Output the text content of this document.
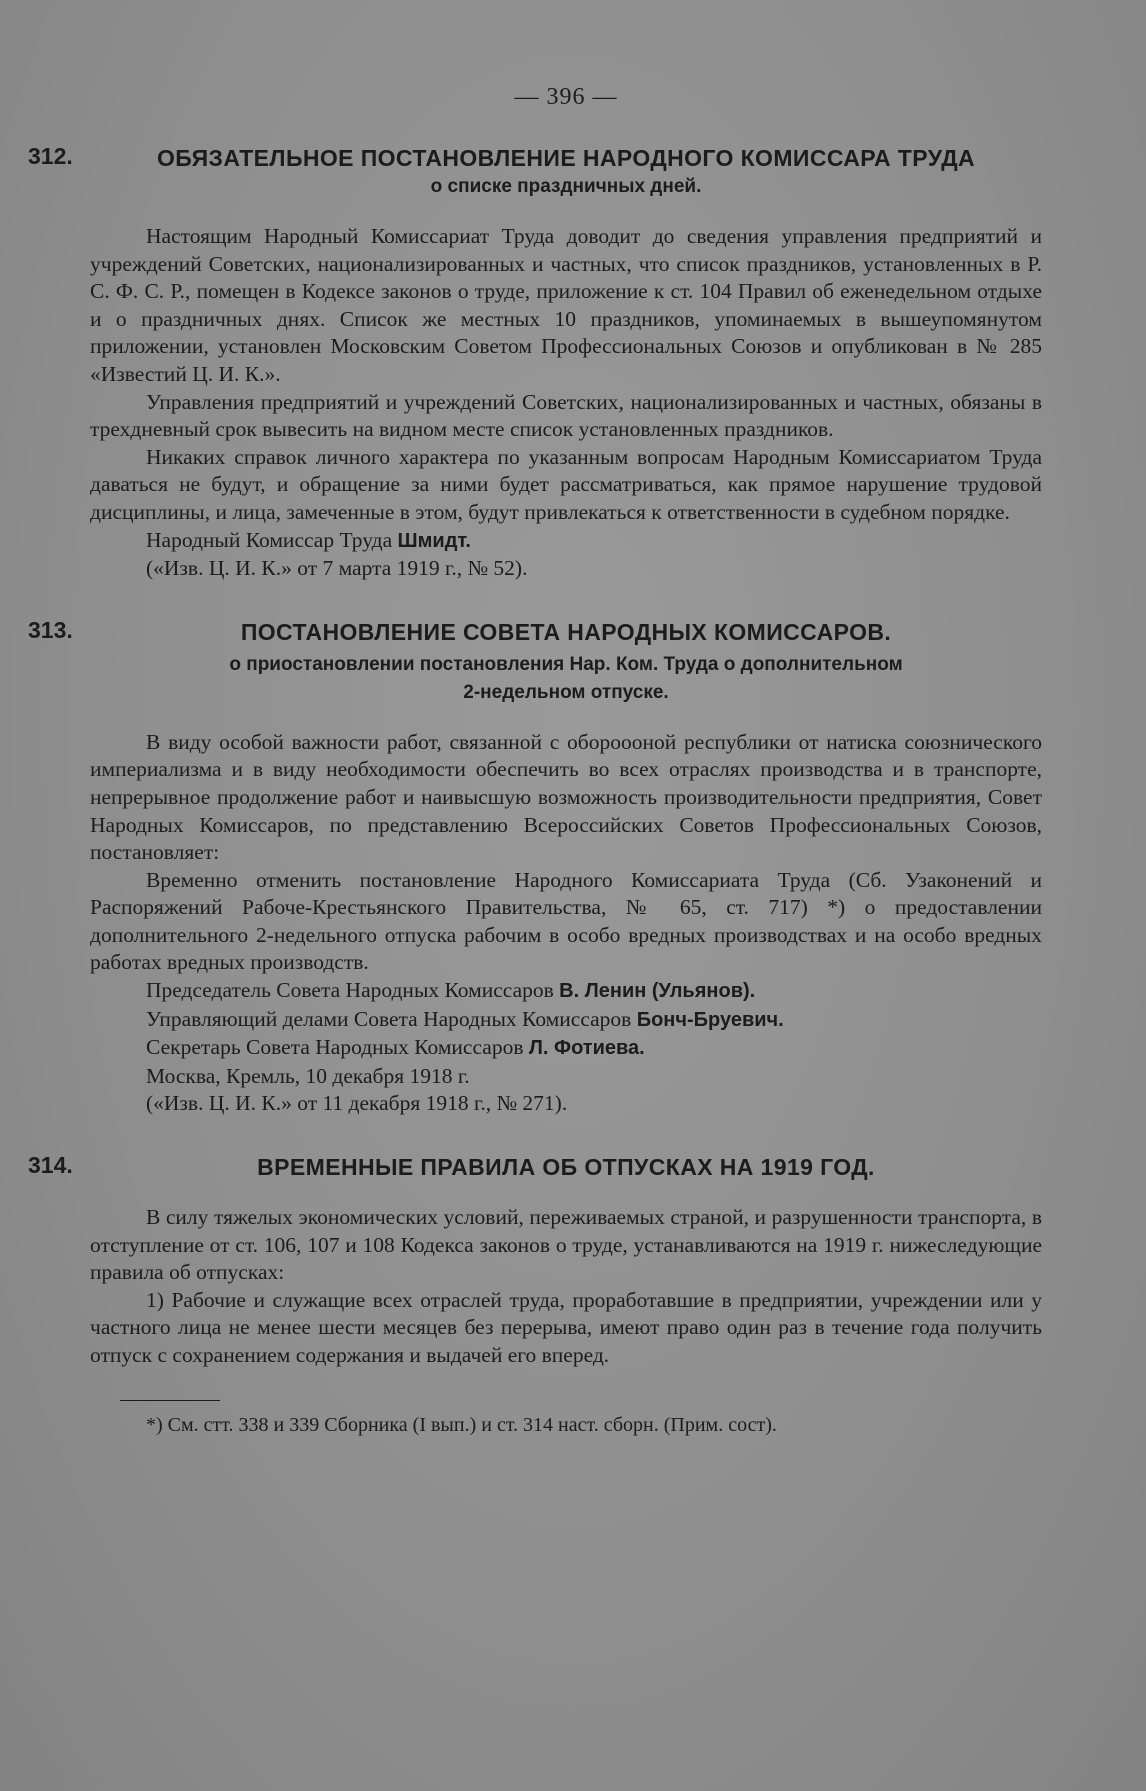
— 396 —
312.	ОБЯЗАТЕЛЬНОЕ ПОСТАНОВЛЕНИЕ НАРОДНОГО КОМИССАРА ТРУДА
о списке праздничных дней.

Настоящим Народный Комиссариат Труда доводит до сведения управления предприятий и учреждений Советских, национализированных и частных, что список праздников, установленных в Р. С. Ф. С. Р., помещен в Кодексе законов о труде, приложение к ст. 104 Правил об еженедельном отдыхе и о праздничных днях. Список же местных 10 праздников, упоминаемых в вышеупомянутом приложении, установлен Московским Советом Профессиональных Союзов и опубликован в № 285 «Известий Ц. И. К.».

Управления предприятий и учреждений Советских, национализированных и частных, обязаны в трехдневный срок вывесить на видном месте список установленных праздников.

Никаких справок личного характера по указанным вопросам Народным Комиссариатом Труда даваться не будут, и обращение за ними будет рассматриваться, как прямое нарушение трудовой дисциплины, и лица, замеченные в этом, будут привлекаться к ответственности в судебном порядке.

Народный Комиссар Труда Шмидт.

(«Изв. Ц. И. К.» от 7 марта 1919 г., № 52).

313.	ПОСТАНОВЛЕНИЕ СОВЕТА НАРОДНЫХ КОМИССАРОВ.
о приостановлении постановления Нар. Ком. Труда о дополнительном
2-недельном отпуске.

В виду особой важности работ, связанной с обороооной республики от натиска союзнического империализма и в виду необходимости обеспечить во всех отраслях производства и в транспорте, непрерывное продолжение работ и наивысшую возможность производительности предприятия, Совет Народных Комиссаров, по представлению Всероссийских Советов Профессиональных Союзов, постановляет:

Временно отменить постановление Народного Комиссариата Труда (Сб. Узаконений и Распоряжений Рабоче-Крестьянского Правительства, № 65, ст. 717) *) о предоставлении дополнительного 2-недельного отпуска рабочим в особо вредных производствах и на особо вредных работах вредных производств.

Председатель Совета Народных Комиссаров В. Ленин (Ульянов).

Управляющий делами Совета Народных Комиссаров Бонч-Бруевич.

Секретарь Совета Народных Комиссаров Л. Фотиева.

Москва, Кремль, 10 декабря 1918 г.

(«Изв. Ц. И. К.» от 11 декабря 1918 г., № 271).

314.	ВРЕМЕННЫЕ ПРАВИЛА ОБ ОТПУСКАХ НА 1919 ГОД.

В силу тяжелых экономических условий, переживаемых страной, и разрушенности транспорта, в отступление от ст. 106, 107 и 108 Кодекса законов о труде, устанавливаются на 1919 г. нижеследующие правила об отпусках:

1) Рабочие и служащие всех отраслей труда, проработавшие в предприятии, учреждении или у частного лица не менее шести месяцев без перерыва, имеют право один раз в течение года получить отпуск с сохранением содержания и выдачей его вперед.

*) См. стт. 338 и 339 Сборника (I вып.) и ст. 314 наст. сборн. (Прим. сост).
